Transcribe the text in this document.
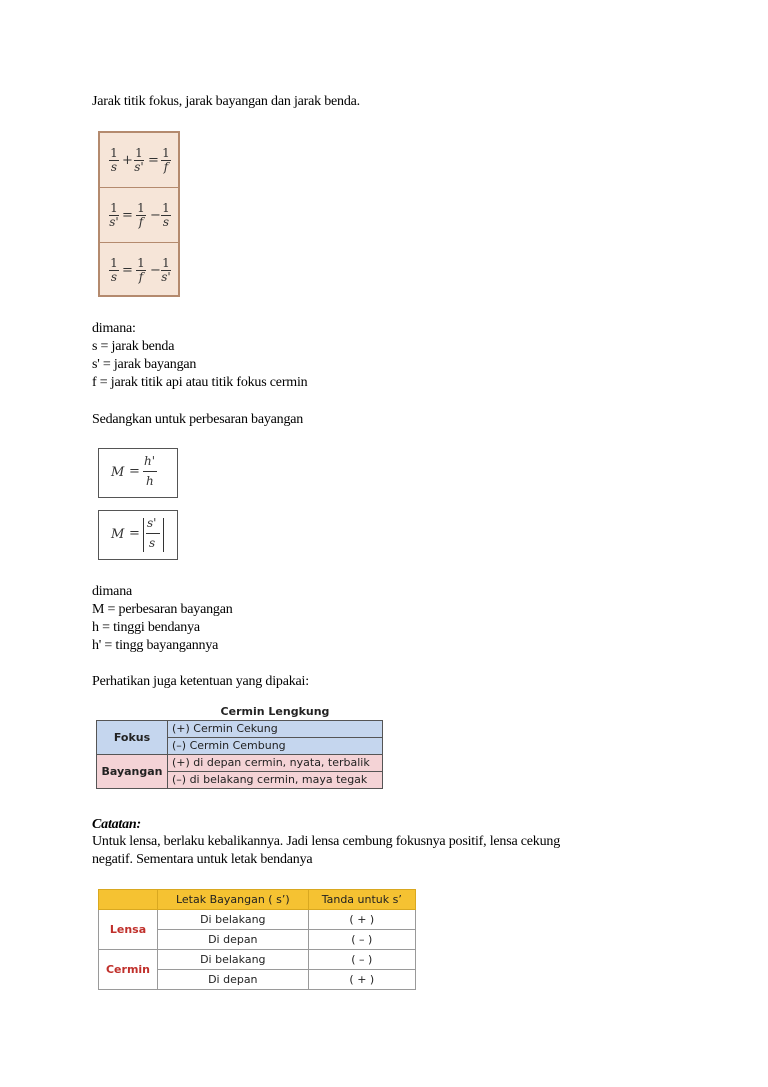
Jarak titik fokus, jarak bayangan dan jarak benda.
1
s + 1
s' = 1
f
1
s' = 1
f − 1
s
1
s = 1
f − 1
s'
dimana:
s = jarak benda
s' = jarak bayangan
f = jarak titik api atau titik fokus cermin
Sedangkan untuk perbesaran bayangan
M =
h'
h
M =
s'
s
dimana
M = perbesaran bayangan
h = tinggi bendanya
h' = tingg bayangannya
Perhatikan juga ketentuan yang dipakai:
	Cermin Lengkung
Fokus	(+) Cermin Cekung
	(–) Cermin Cembung
Bayangan	(+) di depan cermin, nyata, terbalik
	(–) di belakang cermin, maya tegak
Catatan:
Untuk lensa, berlaku kebalikannya. Jadi lensa cembung fokusnya positif, lensa cekung
negatif. Sementara untuk letak bendanya
	Letak Bayangan ( s’)	Tanda untuk s’
Lensa	Di belakang	( + )
	Di depan	( – )
Cermin	Di belakang	( – )
	Di depan	( + )
